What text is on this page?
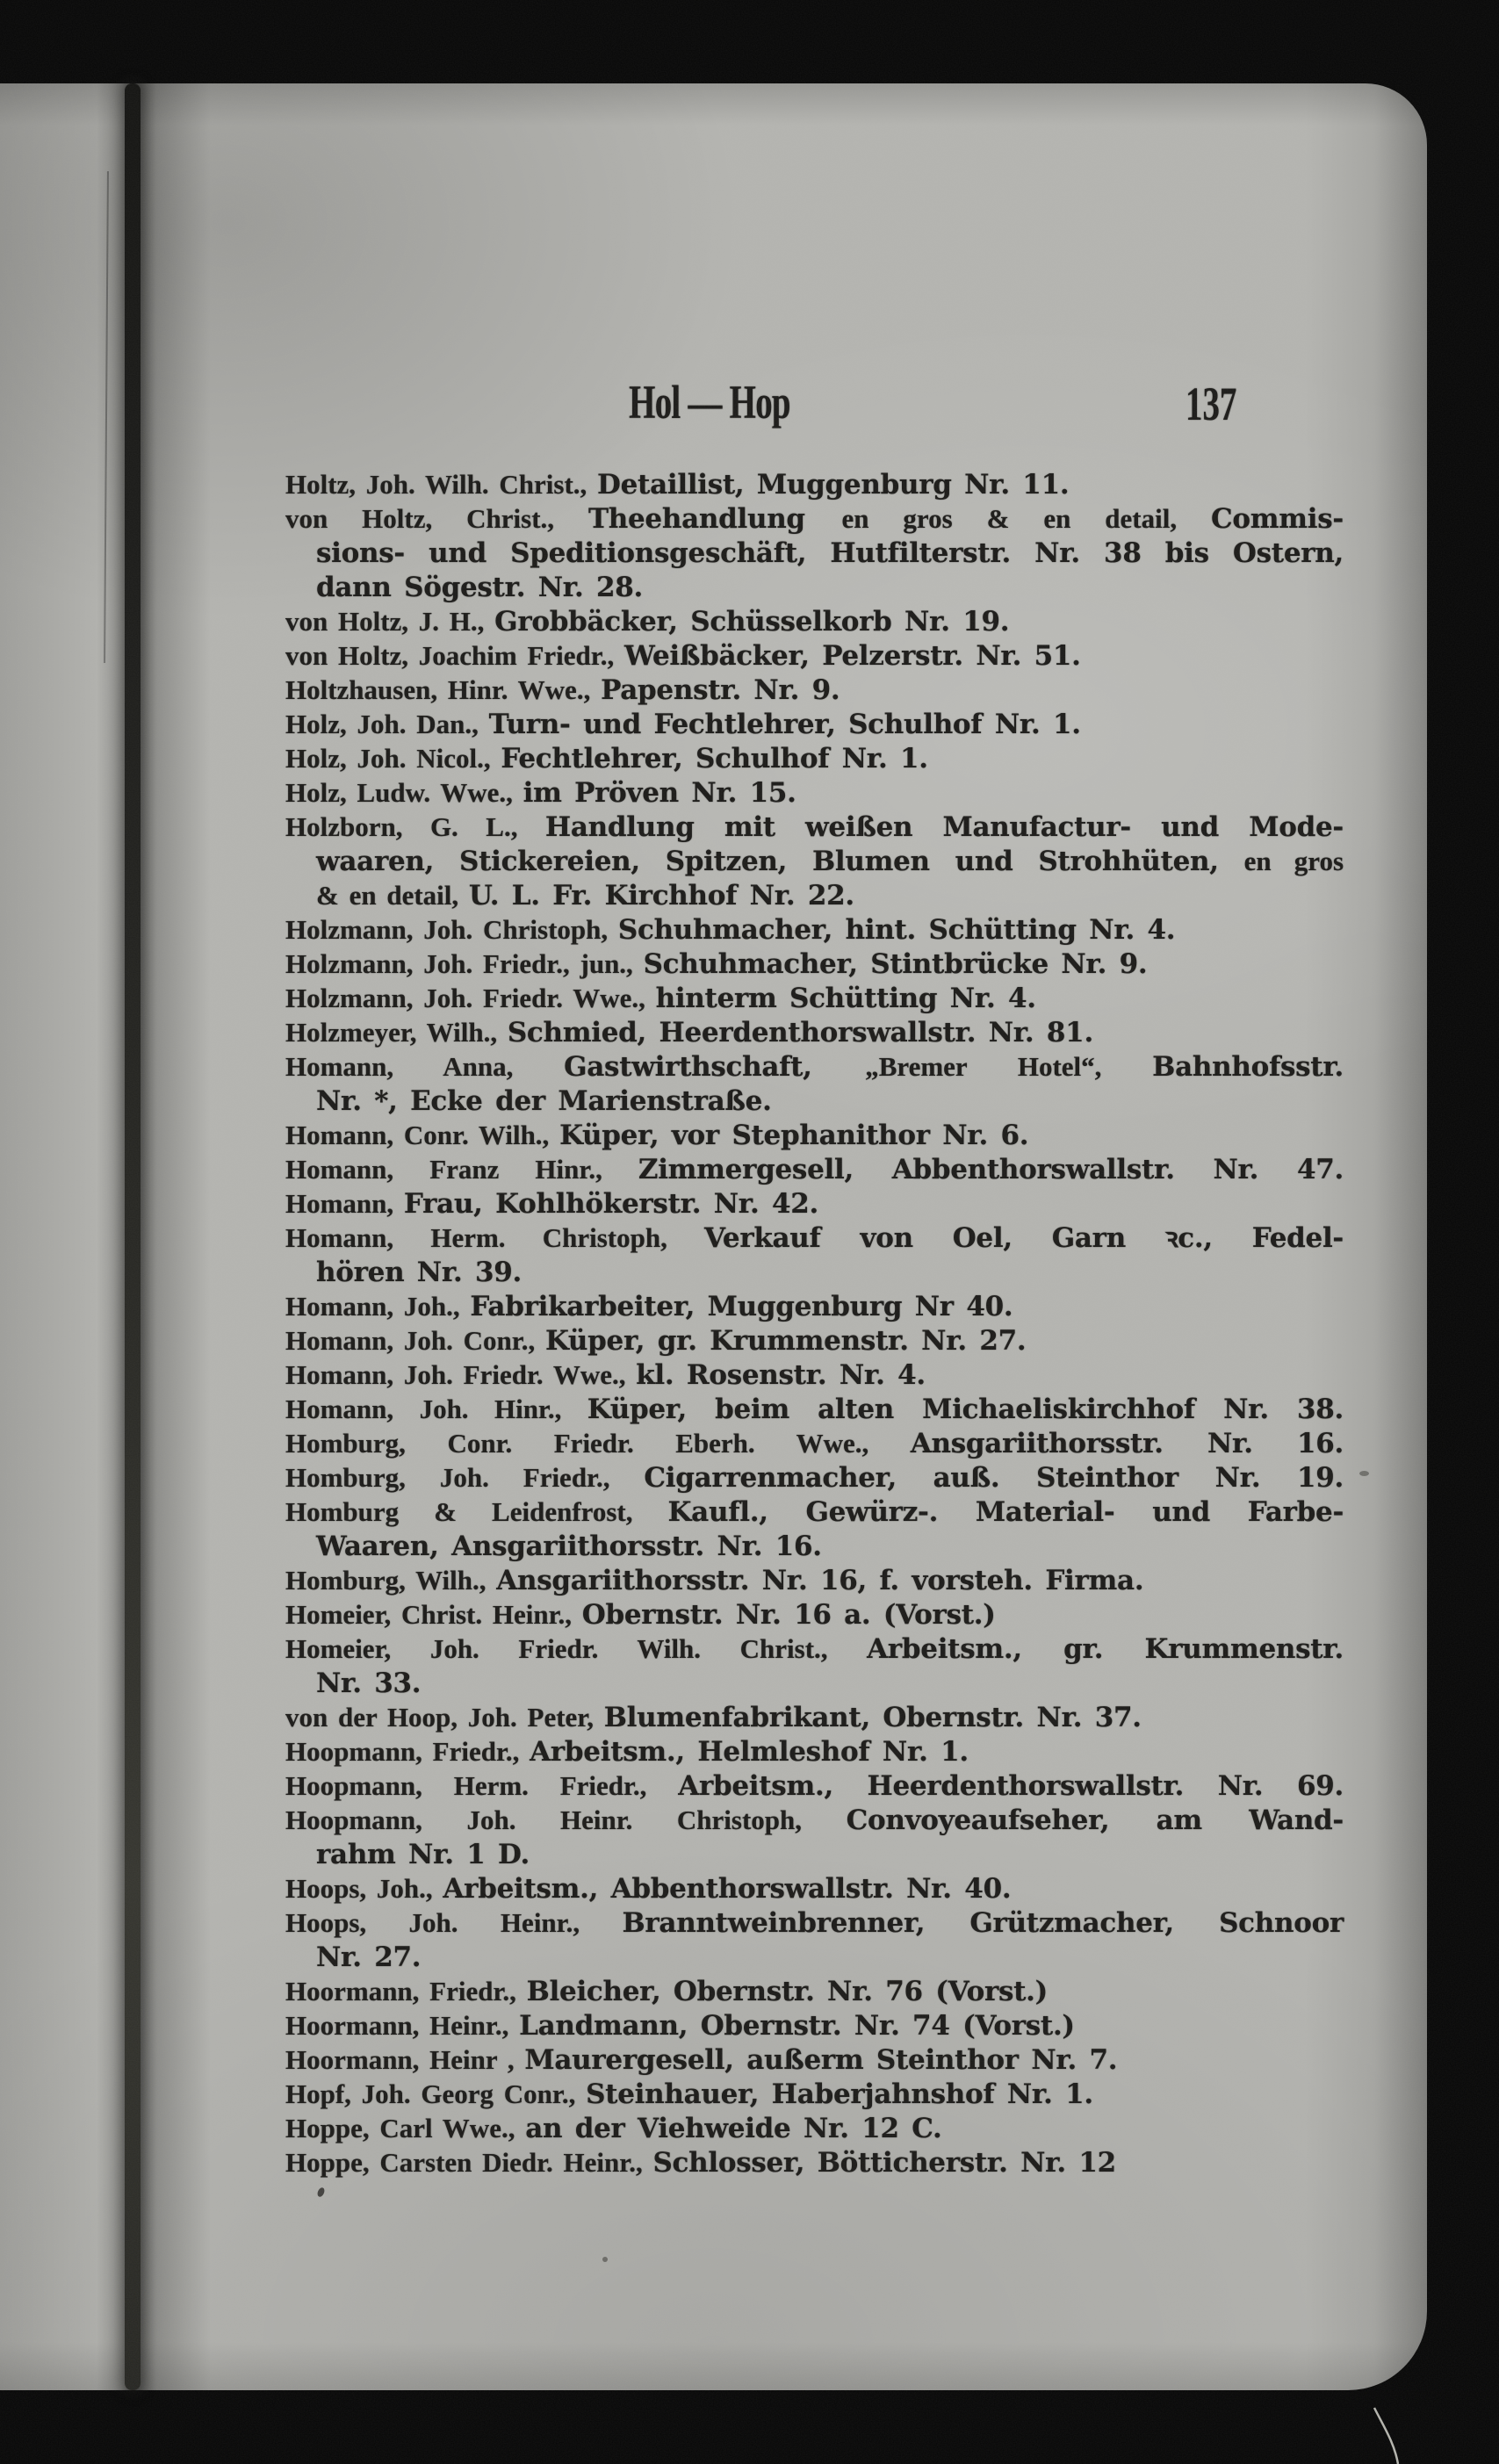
Hol — Hop	137
Holtz, Joh. Wilh. Christ., Detaillist, Muggenburg Nr. 11.
von Holtz, Christ., Theehandlung en gros & en detail, Commis-
sions- und Speditionsgeschäft, Hutfilterstr. Nr. 38 bis Ostern,
dann Sögestr. Nr. 28.
von Holtz, J. H., Grobbäcker, Schüsselkorb Nr. 19.
von Holtz, Joachim Friedr., Weißbäcker, Pelzerstr. Nr. 51.
Holtzhausen, Hinr. Wwe., Papenstr. Nr. 9.
Holz, Joh. Dan., Turn- und Fechtlehrer, Schulhof Nr. 1.
Holz, Joh. Nicol., Fechtlehrer, Schulhof Nr. 1.
Holz, Ludw. Wwe., im Pröven Nr. 15.
Holzborn, G. L., Handlung mit weißen Manufactur- und Mode-
waaren, Stickereien, Spitzen, Blumen und Strohhüten, en gros
& en detail, U. L. Fr. Kirchhof Nr. 22.
Holzmann, Joh. Christoph, Schuhmacher, hint. Schütting Nr. 4.
Holzmann, Joh. Friedr., jun., Schuhmacher, Stintbrücke Nr. 9.
Holzmann, Joh. Friedr. Wwe., hinterm Schütting Nr. 4.
Holzmeyer, Wilh., Schmied, Heerdenthorswallstr. Nr. 81.
Homann, Anna, Gastwirthschaft, „Bremer Hotel“, Bahnhofsstr.
Nr. *, Ecke der Marienstraße.
Homann, Conr. Wilh., Küper, vor Stephanithor Nr. 6.
Homann, Franz Hinr., Zimmergesell, Abbenthorswallstr. Nr. 47.
Homann, Frau, Kohlhökerstr. Nr. 42.
Homann, Herm. Christoph, Verkauf von Oel, Garn ꝛc., Fedel-
hören Nr. 39.
Homann, Joh., Fabrikarbeiter, Muggenburg Nr 40.
Homann, Joh. Conr., Küper, gr. Krummenstr. Nr. 27.
Homann, Joh. Friedr. Wwe., kl. Rosenstr. Nr. 4.
Homann, Joh. Hinr., Küper, beim alten Michaeliskirchhof Nr. 38.
Homburg, Conr. Friedr. Eberh. Wwe., Ansgariithorsstr. Nr. 16.
Homburg, Joh. Friedr., Cigarrenmacher, auß. Steinthor Nr. 19.
Homburg & Leidenfrost, Kaufl., Gewürz-. Material- und Farbe-
Waaren, Ansgariithorsstr. Nr. 16.
Homburg, Wilh., Ansgariithorsstr. Nr. 16, f. vorsteh. Firma.
Homeier, Christ. Heinr., Obernstr. Nr. 16 a. (Vorst.)
Homeier, Joh. Friedr. Wilh. Christ., Arbeitsm., gr. Krummenstr.
Nr. 33.
von der Hoop, Joh. Peter, Blumenfabrikant, Obernstr. Nr. 37.
Hoopmann, Friedr., Arbeitsm., Helmleshof Nr. 1.
Hoopmann, Herm. Friedr., Arbeitsm., Heerdenthorswallstr. Nr. 69.
Hoopmann, Joh. Heinr. Christoph, Convoyeaufseher, am Wand-
rahm Nr. 1 D.
Hoops, Joh., Arbeitsm., Abbenthorswallstr. Nr. 40.
Hoops, Joh. Heinr., Branntweinbrenner, Grützmacher, Schnoor
Nr. 27.
Hoormann, Friedr., Bleicher, Obernstr. Nr. 76 (Vorst.)
Hoormann, Heinr., Landmann, Obernstr. Nr. 74 (Vorst.)
Hoormann, Heinr , Maurergesell, außerm Steinthor Nr. 7.
Hopf, Joh. Georg Conr., Steinhauer, Haberjahnshof Nr. 1.
Hoppe, Carl Wwe., an der Viehweide Nr. 12 C.
Hoppe, Carsten Diedr. Heinr., Schlosser, Bötticherstr. Nr. 12
